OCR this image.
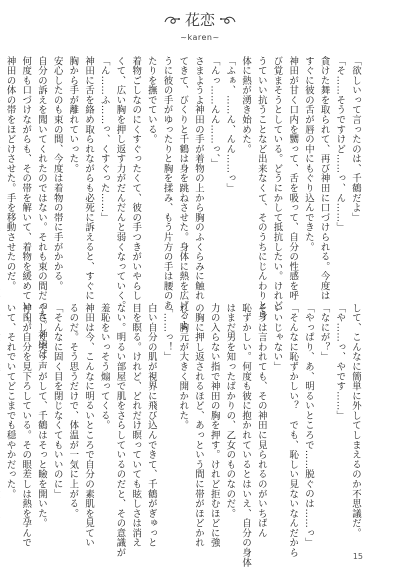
花恋
~karen~
「欲しいって言ったのは、千鶴だよ」
「そ……そうですけど……っ、ん……」
貪けた舞を取られて、再び神田に口づけられる。今度は
すぐに彼の舌が唇の中にもぐり込んできた。
神田が甘く口内を嬲って、舌を吸って、自分の性感を呼
び覚まそうとしている。どうにかして抵抗したい。けれど
うていい抗うことなど出来なくて、そのうちにじんわりと身
体に熱が湧き始めた。
「ふぁ、……ん、んん……っ」
「んっ……んん……っ、」
さまようよ神田の手が着物の上から胸のふくらみに触れ
てきて、びくりと千鶴は身を跳ねさせた。身体に熱を広げるよ
うに彼の手がゆったりと胸を揉み、もう片方の手は腰のあ
たりを撫でている。
着物ごしなのにくすぐったくて、彼の手つきがいやらし
くて、広い胸を押し返す力がだんだんと弱くなっていく。
「ん……ふ……っ、くすぐった……」
神田に舌を絡め取られながらも必死に訴えると、すぐに
胸から手が離れていった。
安心したのも束の間、今度は着物の帯に手がかかる。
自分の訴えを聞いてくれたのではない。それも束の間だった。神田は
何度も口づけながらも、その帯を解いて、着物を緩めていく。
神田の体の帯をほどけさせた。手を移動させたのだ。
して、こんなに簡単に外してしまえるのか不思議だ。
「や……っ、やです……」
「なにが？」
「やっぱり、あ、明るいところで……脱ぐのは……っ」
「そんなに恥ずかしい？　でも、恥しい見ないなんだから
いいじゃない」
そうは言われても、その神田に見られるのがいちばん
恥ずかしい。何度も彼に抱かれているとはいえ、自分の身体
はまだ男を知ったばかりの、乙女のものなのだ。
力の入らない指で神田の胸を押す。けれど拒むほどに強
の胸に押し返されるほど、あっという間に帯がほどかれ
れ、胸元が大きく開かれた。
「……っ！」
白い自分の肌が視界に飛び込んできて、千鶴がぎゅっと
目を瞑る。けれど、どれだけ瞑っていても眩しさは消え
ない。明るい部屋で肌をさらしているのだと、その意識が
羞恥をいっそう煽ってくる。
神田は今、こんなに明るいところで自分の素肌を見てい
るのだ。そう思うだけで、体温が一気に上がる。
「そんなに固く目を閉じなくてもいいのに」
やさしく笑う声がして、千鶴はそっと瞼を開いた。
神田が自分を見下ろしている。その眼差しは熱を孕んで
いて、それでいてどこまでも穏やかだった。
15
